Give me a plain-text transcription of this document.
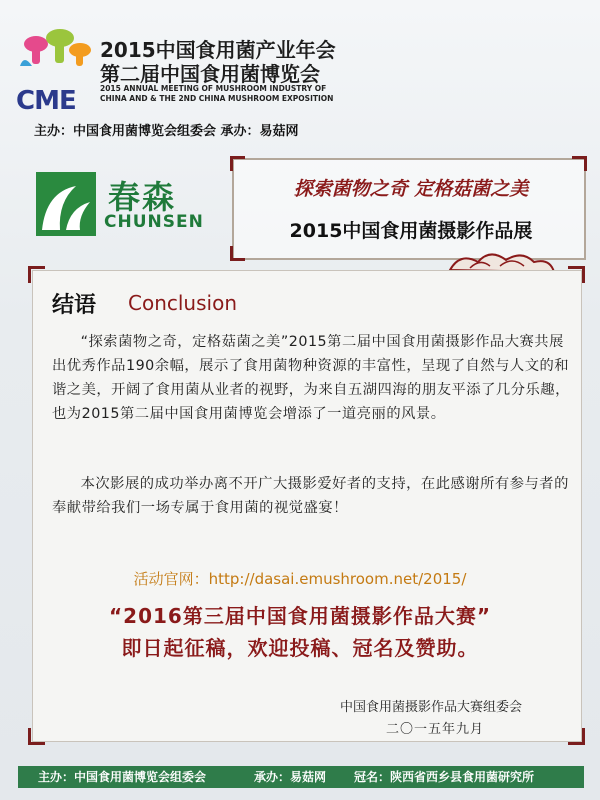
CME
2015中国食用菌产业年会
第二届中国食用菌博览会
2015 ANNUAL MEETING OF MUSHROOM INDUSTRY OF
CHINA AND & THE 2ND CHINA MUSHROOM EXPOSITION
主办：中国食用菌博览会组委会 承办：易菇网
春森
CHUNSEN
探索菌物之奇 定格菇菌之美
2015中国食用菌摄影作品展
结语 Conclusion
“探索菌物之奇，定格菇菌之美”2015第二届中国食用菌摄影作品大赛共展出优秀作品190余幅，展示了食用菌物种资源的丰富性，呈现了自然与人文的和谐之美，开阔了食用菌从业者的视野，为来自五湖四海的朋友平添了几分乐趣，也为2015第二届中国食用菌博览会增添了一道亮丽的风景。
本次影展的成功举办离不开广大摄影爱好者的支持，在此感谢所有参与者的奉献带给我们一场专属于食用菌的视觉盛宴！
活动官网：http://dasai.emushroom.net/2015/
“2016第三届中国食用菌摄影作品大赛”
即日起征稿，欢迎投稿、冠名及赞助。
中国食用菌摄影作品大赛组委会
二〇一五年九月
主办：中国食用菌博览会组委会	承办：易菇网 冠名：陕西省西乡县食用菌研究所
